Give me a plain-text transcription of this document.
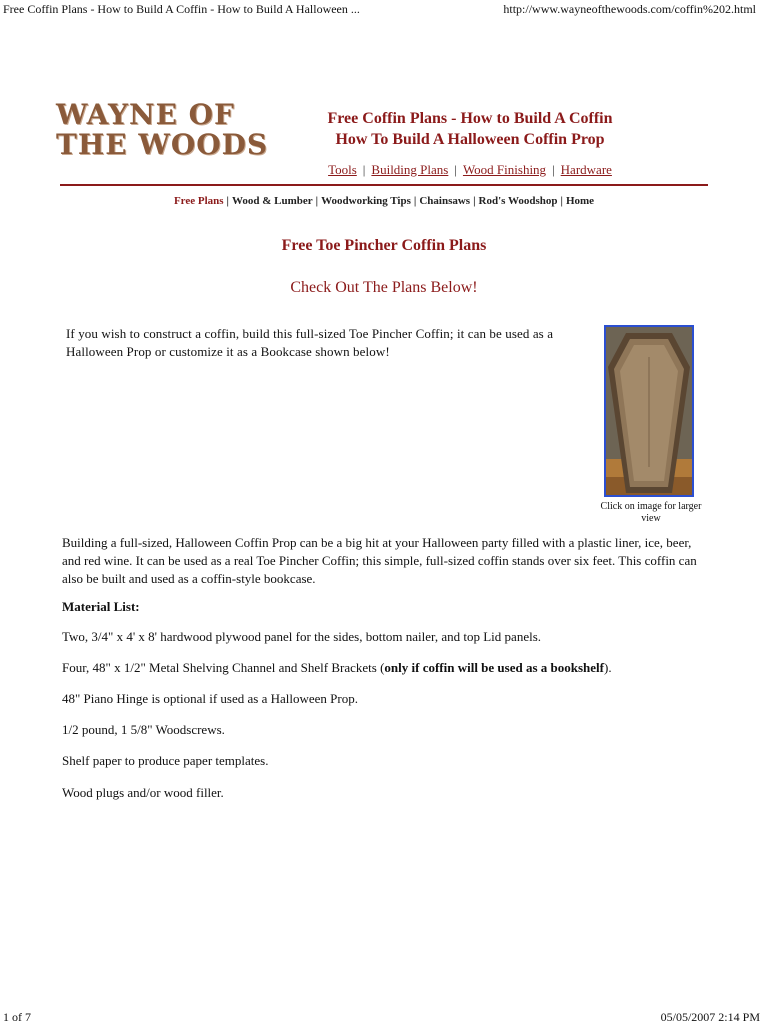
Free Coffin Plans - How to Build A Coffin - How to Build A Halloween ...	http://www.wayneofthewoods.com/coffin%202.html
WAYNE OF
THE WOODS
Free Coffin Plans - How to Build A Coffin
How To Build A Halloween Coffin Prop
Tools | Building Plans | Wood Finishing | Hardware
Free Plans | Wood & Lumber | Woodworking Tips | Chainsaws | Rod's Woodshop | Home
Free Toe Pincher Coffin Plans
Check Out The Plans Below!
If you wish to construct a coffin, build this full-sized Toe Pincher Coffin; it can be used as a Halloween Prop or customize it as a Bookcase shown below!
Click on image for larger view
Building a full-sized, Halloween Coffin Prop can be a big hit at your Halloween party filled with a plastic liner, ice, beer, and red wine. It can be used as a real Toe Pincher Coffin; this simple, full-sized coffin stands over six feet. This coffin can also be built and used as a coffin-style bookcase.
Material List:
Two, 3/4" x 4' x 8' hardwood plywood panel for the sides, bottom nailer, and top Lid panels.
Four, 48" x 1/2" Metal Shelving Channel and Shelf Brackets (only if coffin will be used as a bookshelf).
48" Piano Hinge is optional if used as a Halloween Prop.
1/2 pound, 1 5/8" Woodscrews.
Shelf paper to produce paper templates.
Wood plugs and/or wood filler.
1 of 7	05/05/2007 2:14 PM
